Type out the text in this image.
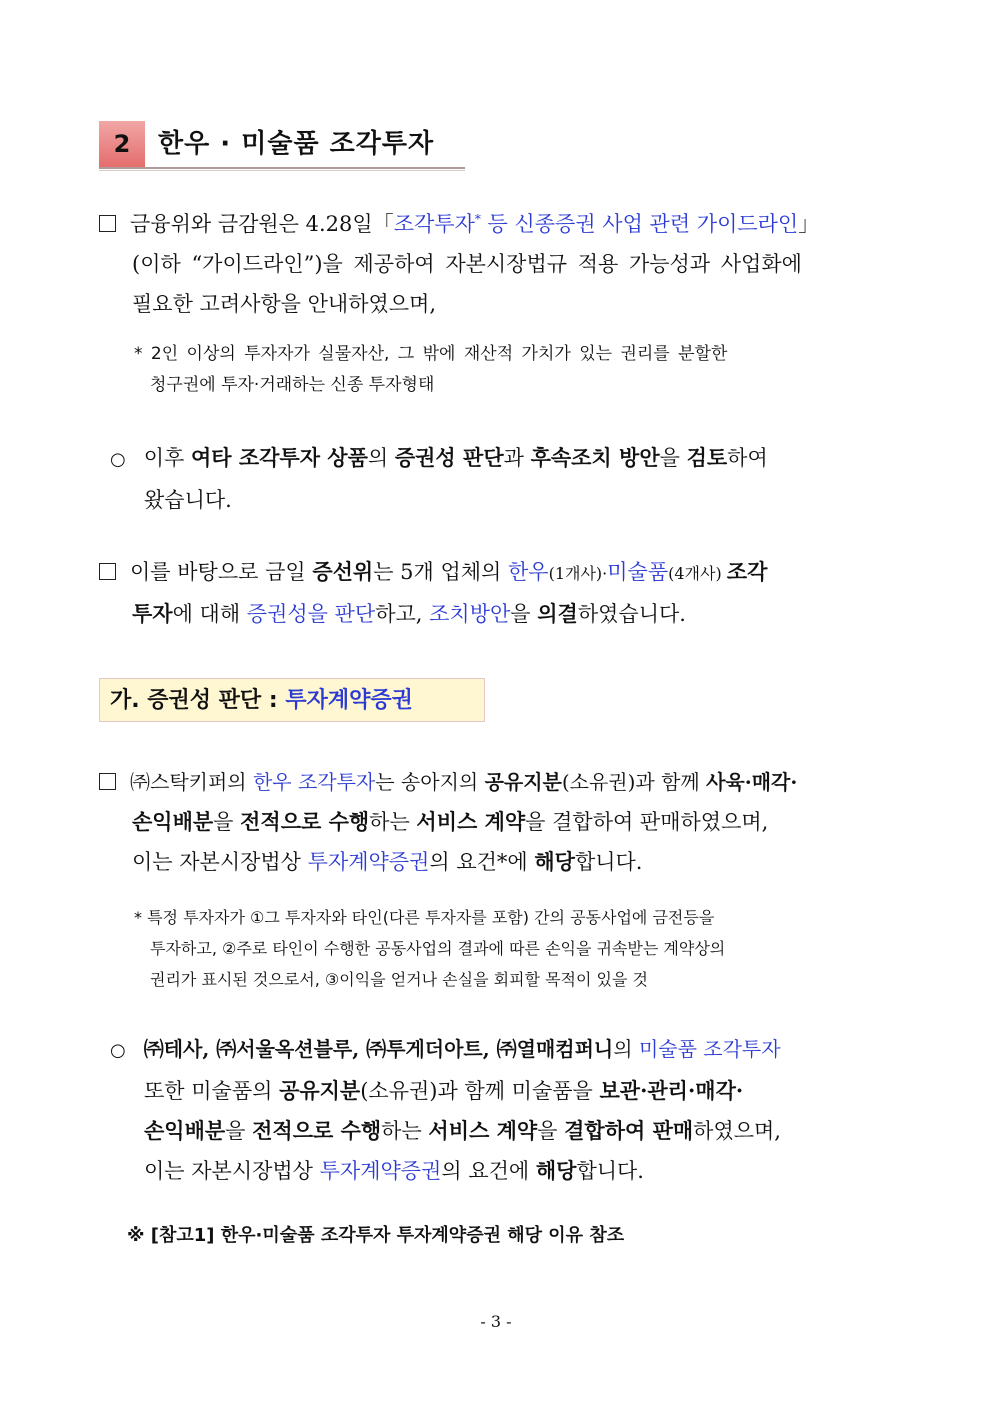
2	한우 · 미술품 조각투자
금융위와 금감원은 4.28일「조각투자* 등 신종증권 사업 관련 가이드라인」
(이하 “가이드라인”)을 제공하여 자본시장법규 적용 가능성과 사업화에
필요한 고려사항을 안내하였으며,
* 2인 이상의 투자자가 실물자산, 그 밖에 재산적 가치가 있는 권리를 분할한
청구권에 투자·거래하는 신종 투자형태
○ 이후 여타 조각투자 상품의 증권성 판단과 후속조치 방안을 검토하여
왔습니다.
이를 바탕으로 금일 증선위는 5개 업체의 한우(1개사)·미술품(4개사) 조각
투자에 대해 증권성을 판단하고, 조치방안을 의결하였습니다.
가. 증권성 판단 : 투자계약증권
㈜스탁키퍼의 한우 조각투자는 송아지의 공유지분(소유권)과 함께 사육·매각·
손익배분을 전적으로 수행하는 서비스 계약을 결합하여 판매하였으며,
이는 자본시장법상 투자계약증권의 요건*에 해당합니다.
* 특정 투자자가 ①그 투자자와 타인(다른 투자자를 포함) 간의 공동사업에 금전등을
투자하고, ②주로 타인이 수행한 공동사업의 결과에 따른 손익을 귀속받는 계약상의
권리가 표시된 것으로서, ③이익을 얻거나 손실을 회피할 목적이 있을 것
○ ㈜테사, ㈜서울옥션블루, ㈜투게더아트, ㈜열매컴퍼니의 미술품 조각투자
또한 미술품의 공유지분(소유권)과 함께 미술품을 보관·관리·매각·
손익배분을 전적으로 수행하는 서비스 계약을 결합하여 판매하였으며,
이는 자본시장법상 투자계약증권의 요건에 해당합니다.
※ [참고1] 한우·미술품 조각투자 투자계약증권 해당 이유 참조
- 3 -
